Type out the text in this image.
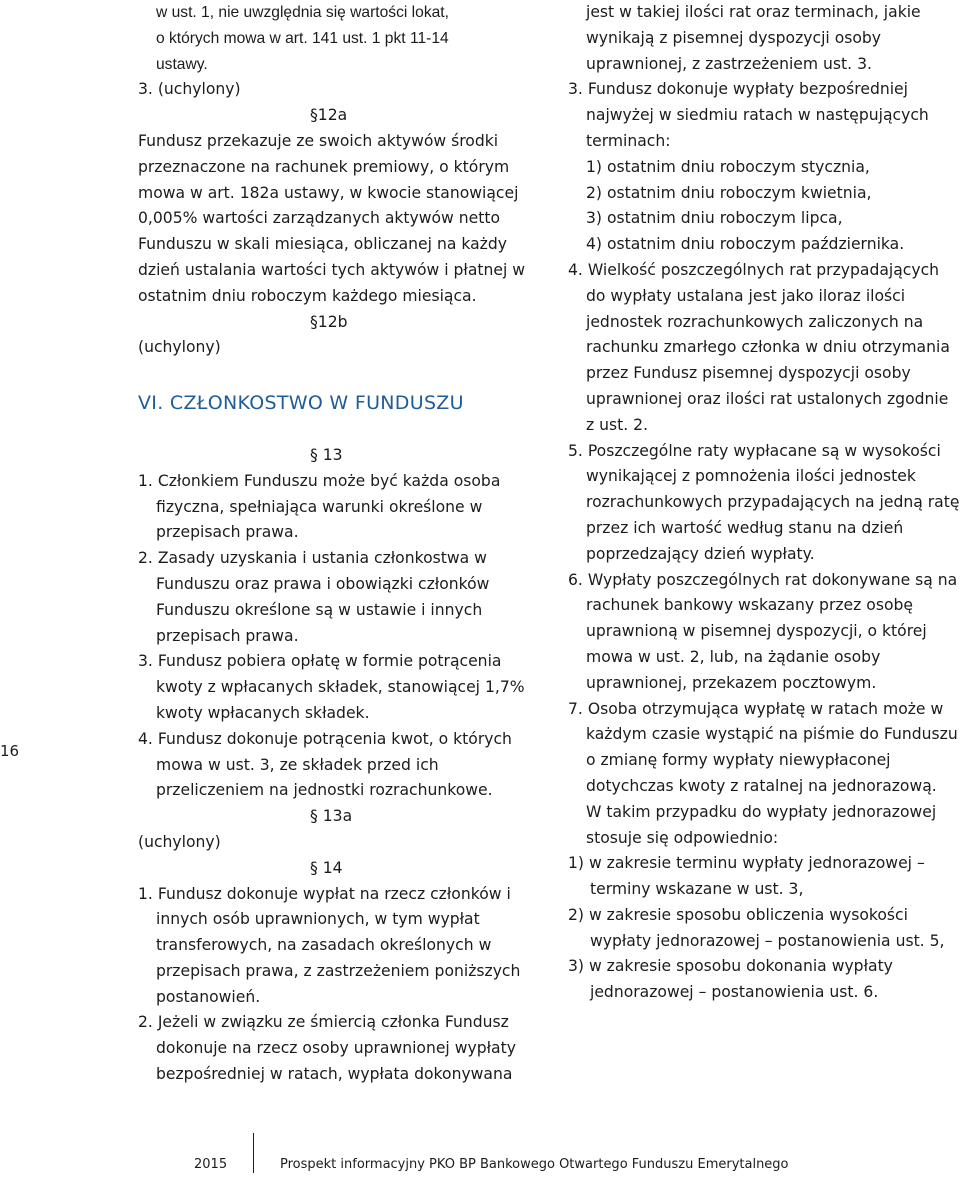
w ust. 1, nie uwzględnia się wartości lokat,

o których mowa w art. 141 ust. 1 pkt 11-14

ustawy.

3. (uchylony)

§12a

Fundusz przekazuje ze swoich aktywów środki przeznaczone na rachunek premiowy, o którym mowa w art. 182a ustawy, w kwocie stanowiącej 0,005% wartości zarządzanych aktywów netto Funduszu w skali miesiąca, obliczanej na każdy dzień ustalania wartości tych aktywów i płatnej w ostatnim dniu roboczym każdego miesiąca.

§12b

(uchylony)

VI. CZŁONKOSTWO W FUNDUSZU

§ 13

1. Członkiem Funduszu może być każda osoba fizyczna, spełniająca warunki określone w przepisach prawa.

2. Zasady uzyskania i ustania członkostwa w Funduszu oraz prawa i obowiązki członków Funduszu określone są w ustawie i innych przepisach prawa.

3. Fundusz pobiera opłatę w formie potrącenia kwoty z wpłacanych składek, stanowiącej 1,7% kwoty wpłacanych składek.

4. Fundusz dokonuje potrącenia kwot, o których mowa w ust. 3, ze składek przed ich przeliczeniem na jednostki rozrachunkowe.

§ 13a

(uchylony)

§ 14

1. Fundusz dokonuje wypłat na rzecz członków i innych osób uprawnionych, w tym wypłat transferowych, na zasadach określonych w przepisach prawa, z zastrzeżeniem poniższych postanowień.

2. Jeżeli w związku ze śmiercią członka Fundusz dokonuje na rzecz osoby uprawnionej wypłaty bezpośredniej w ratach, wypłata dokonywana

16

jest w takiej ilości rat oraz terminach, jakie wynikają z pisemnej dyspozycji osoby uprawnionej, z zastrzeżeniem ust. 3.

3. Fundusz dokonuje wypłaty bezpośredniej najwyżej w siedmiu ratach w następujących terminach:

1) ostatnim dniu roboczym stycznia,

2) ostatnim dniu roboczym kwietnia,

3) ostatnim dniu roboczym lipca,

4) ostatnim dniu roboczym października.

4. Wielkość poszczególnych rat przypadających do wypłaty ustalana jest jako iloraz ilości jednostek rozrachunkowych zaliczonych na rachunku zmarłego członka w dniu otrzymania przez Fundusz pisemnej dyspozycji osoby uprawnionej oraz ilości rat ustalonych zgodnie z ust. 2.

5. Poszczególne raty wypłacane są w wysokości wynikającej z pomnożenia ilości jednostek rozrachunkowych przypadających na jedną ratę przez ich wartość według stanu na dzień poprzedzający dzień wypłaty.

6. Wypłaty poszczególnych rat dokonywane są na rachunek bankowy wskazany przez osobę uprawnioną w pisemnej dyspozycji, o której mowa w ust. 2, lub, na żądanie osoby uprawnionej, przekazem pocztowym.

7. Osoba otrzymująca wypłatę w ratach może w każdym czasie wystąpić na piśmie do Funduszu o zmianę formy wypłaty niewypłaconej dotychczas kwoty z ratalnej na jednorazową.

W takim przypadku do wypłaty jednorazowej stosuje się odpowiednio:

1) w zakresie terminu wypłaty jednorazowej – terminy wskazane w ust. 3,

2) w zakresie sposobu obliczenia wysokości wypłaty jednorazowej – postanowienia ust. 5,

3) w zakresie sposobu dokonania wypłaty jednorazowej – postanowienia ust. 6.

2015	Prospekt informacyjny PKO BP Bankowego Otwartego Funduszu Emerytalnego
